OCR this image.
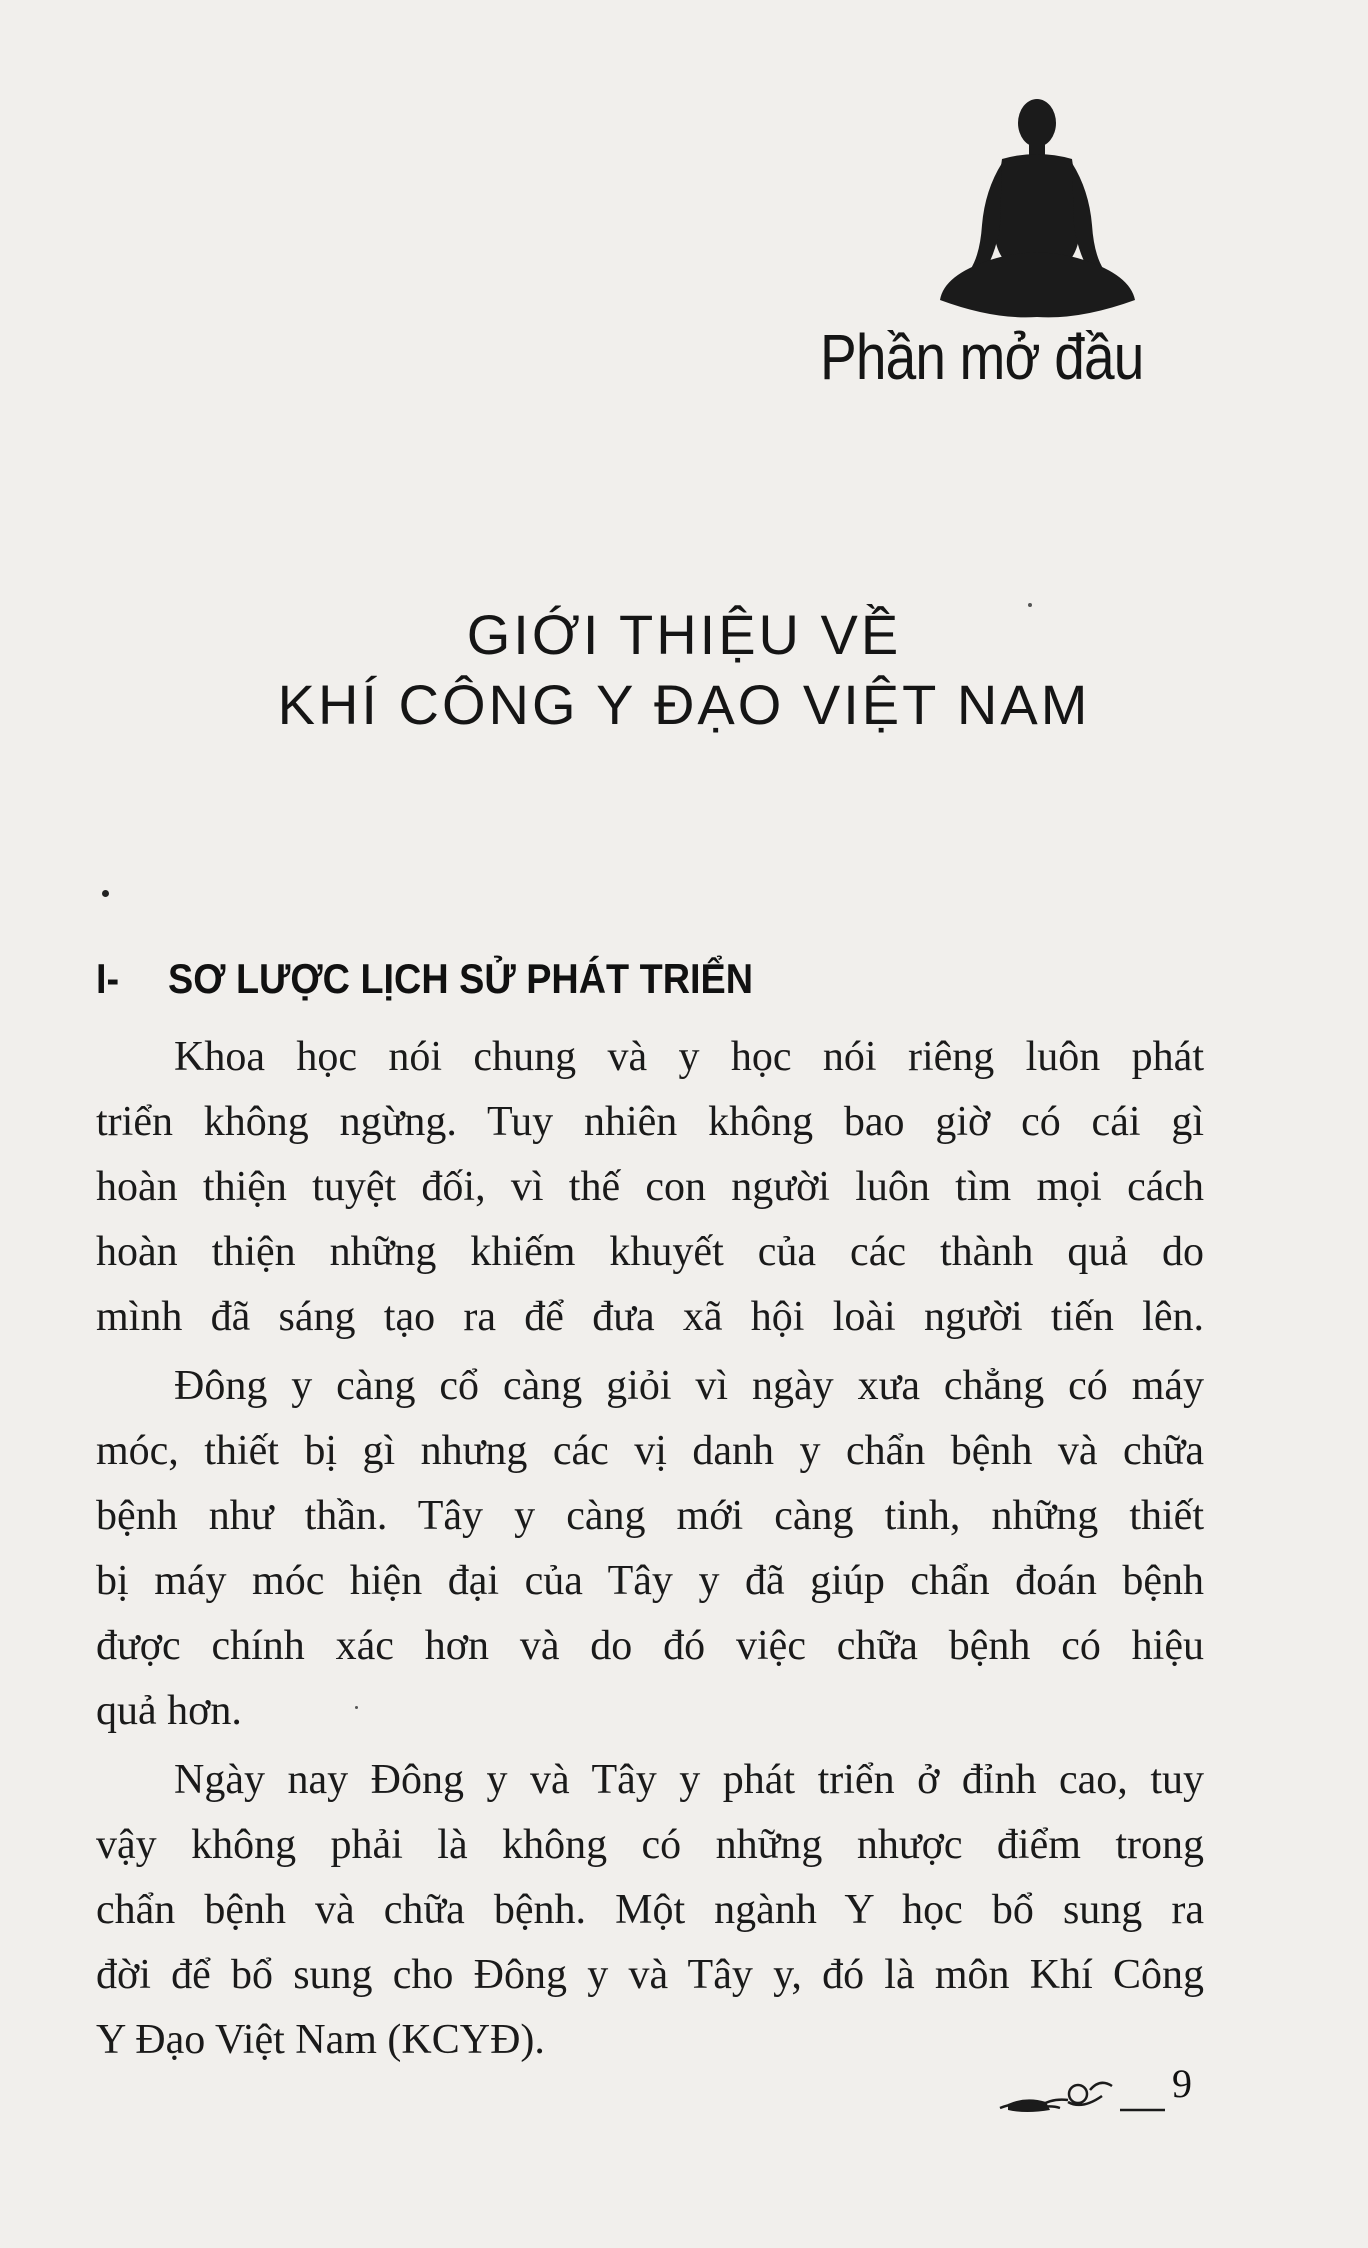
Phần mở đầu
GIỚI THIỆU VỀ
KHÍ CÔNG Y ĐẠO VIỆT NAM
I- SƠ LƯỢC LỊCH SỬ PHÁT TRIỂN

Khoa học nói chung và y học nói riêng luôn phát
triển không ngừng. Tuy nhiên không bao giờ có cái gì
hoàn thiện tuyệt đối, vì thế con người luôn tìm mọi cách
hoàn thiện những khiếm khuyết của các thành quả do
mình đã sáng tạo ra để đưa xã hội loài người tiến lên.

Đông y càng cổ càng giỏi vì ngày xưa chẳng có máy
móc, thiết bị gì nhưng các vị danh y chẩn bệnh và chữa
bệnh như thần. Tây y càng mới càng tinh, những thiết
bị máy móc hiện đại của Tây y đã giúp chẩn đoán bệnh
được chính xác hơn và do đó việc chữa bệnh có hiệu
quả hơn.

Ngày nay Đông y và Tây y phát triển ở đỉnh cao, tuy
vậy không phải là không có những nhược điểm trong
chẩn bệnh và chữa bệnh. Một ngành Y học bổ sung ra
đời để bổ sung cho Đông y và Tây y, đó là môn Khí Công
Y Đạo Việt Nam (KCYĐ).

9
